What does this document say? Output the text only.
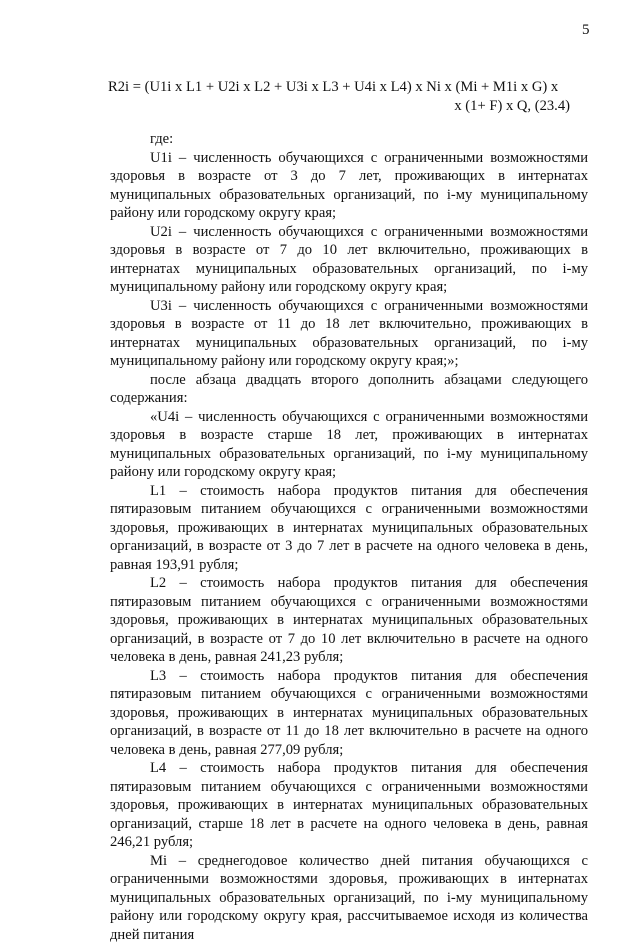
5
R2i = (U1i x L1 + U2i x L2 + U3i x L3 + U4i x L4) x Ni x (Mi + M1i x G) x
x (1+ F) x Q, (23.4)

где:

U1i – численность обучающихся с ограниченными возможностями здоровья в возрасте от 3 до 7 лет, проживающих в интернатах муниципальных образовательных организаций, по i-му муниципальному району или городскому округу края;

U2i – численность обучающихся с ограниченными возможностями здоровья в возрасте от 7 до 10 лет включительно, проживающих в интернатах муниципальных образовательных организаций, по i-му муниципальному району или городскому округу края;

U3i – численность обучающихся с ограниченными возможностями здоровья в возрасте от 11 до 18 лет включительно, проживающих в интернатах муниципальных образовательных организаций, по i-му муниципальному району или городскому округу края;»;

после абзаца двадцать второго дополнить абзацами следующего содержания:

«U4i – численность обучающихся с ограниченными возможностями здоровья в возрасте старше 18 лет, проживающих в интернатах муниципальных образовательных организаций, по i-му муниципальному району или городскому округу края;

L1 – стоимость набора продуктов питания для обеспечения пятиразовым питанием обучающихся с ограниченными возможностями здоровья, проживающих в интернатах муниципальных образовательных организаций, в возрасте от 3 до 7 лет в расчете на одного человека в день, равная 193,91 рубля;

L2 – стоимость набора продуктов питания для обеспечения пятиразовым питанием обучающихся с ограниченными возможностями здоровья, проживающих в интернатах муниципальных образовательных организаций, в возрасте от 7 до 10 лет включительно в расчете на одного человека в день, равная 241,23 рубля;

L3 – стоимость набора продуктов питания для обеспечения пятиразовым питанием обучающихся с ограниченными возможностями здоровья, проживающих в интернатах муниципальных образовательных организаций, в возрасте от 11 до 18 лет включительно в расчете на одного человека в день, равная 277,09 рубля;

L4 – стоимость набора продуктов питания для обеспечения пятиразовым питанием обучающихся с ограниченными возможностями здоровья, проживающих в интернатах муниципальных образовательных организаций, старше 18 лет в расчете на одного человека в день, равная 246,21 рубля;

Mi – среднегодовое количество дней питания обучающихся с ограниченными возможностями здоровья, проживающих в интернатах муниципальных образовательных организаций, по i-му муниципальному району или городскому округу края, рассчитываемое исходя из количества дней питания
